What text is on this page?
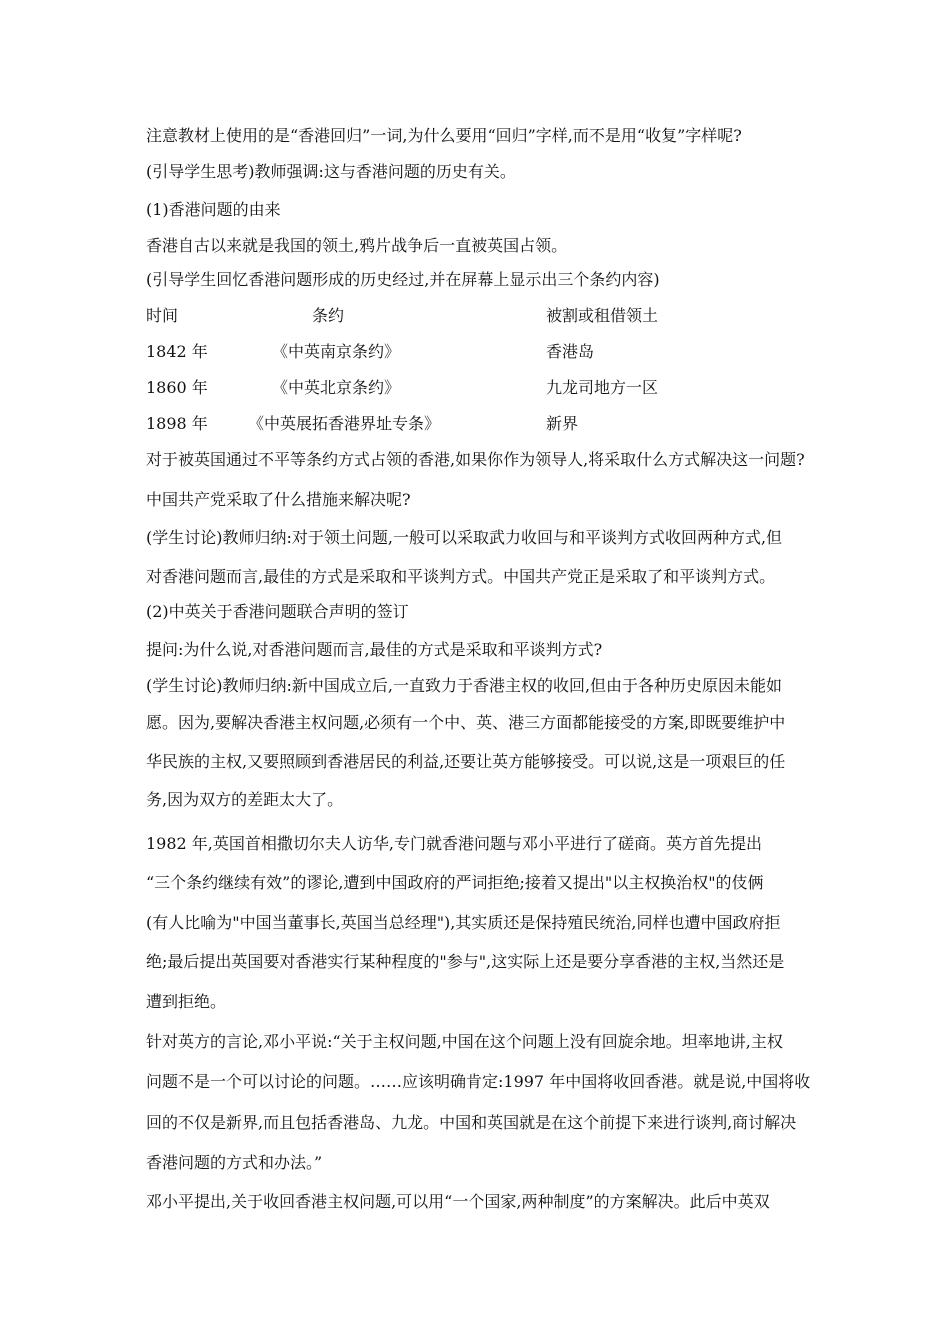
注意教材上使用的是“香港回归”一词,为什么要用“回归”字样,而不是用“收复”字样呢?
(引导学生思考)教师强调:这与香港问题的历史有关。
(1)香港问题的由来
香港自古以来就是我国的领土,鸦片战争后一直被英国占领。
(引导学生回忆香港问题形成的历史经过,并在屏幕上显示出三个条约内容)
时间	条约	被割或租借领土
1842 年	《中英南京条约》	香港岛
1860 年	《中英北京条约》	九龙司地方一区
1898 年	《中英展拓香港界址专条》	新界
对于被英国通过不平等条约方式占领的香港,如果你作为领导人,将采取什么方式解决这一问题?
中国共产党采取了什么措施来解决呢?
(学生讨论)教师归纳:对于领土问题,一般可以采取武力收回与和平谈判方式收回两种方式,但
对香港问题而言,最佳的方式是采取和平谈判方式。中国共产党正是采取了和平谈判方式。
(2)中英关于香港问题联合声明的签订
提问:为什么说,对香港问题而言,最佳的方式是采取和平谈判方式?
(学生讨论)教师归纳:新中国成立后,一直致力于香港主权的收回,但由于各种历史原因未能如
愿。因为,要解决香港主权问题,必须有一个中、英、港三方面都能接受的方案,即既要维护中
华民族的主权,又要照顾到香港居民的利益,还要让英方能够接受。可以说,这是一项艰巨的任
务,因为双方的差距太大了。
1982 年,英国首相撒切尔夫人访华,专门就香港问题与邓小平进行了磋商。英方首先提出
“三个条约继续有效”的谬论,遭到中国政府的严词拒绝;接着又提出"以主权换治权"的伎俩
(有人比喻为"中国当董事长,英国当总经理"),其实质还是保持殖民统治,同样也遭中国政府拒
绝;最后提出英国要对香港实行某种程度的"参与",这实际上还是要分享香港的主权,当然还是
遭到拒绝。
针对英方的言论,邓小平说:“关于主权问题,中国在这个问题上没有回旋余地。坦率地讲,主权
问题不是一个可以讨论的问题。……应该明确肯定:1997 年中国将收回香港。就是说,中国将收
回的不仅是新界,而且包括香港岛、九龙。中国和英国就是在这个前提下来进行谈判,商讨解决
香港问题的方式和办法。”
邓小平提出,关于收回香港主权问题,可以用“一个国家,两种制度”的方案解决。此后中英双
